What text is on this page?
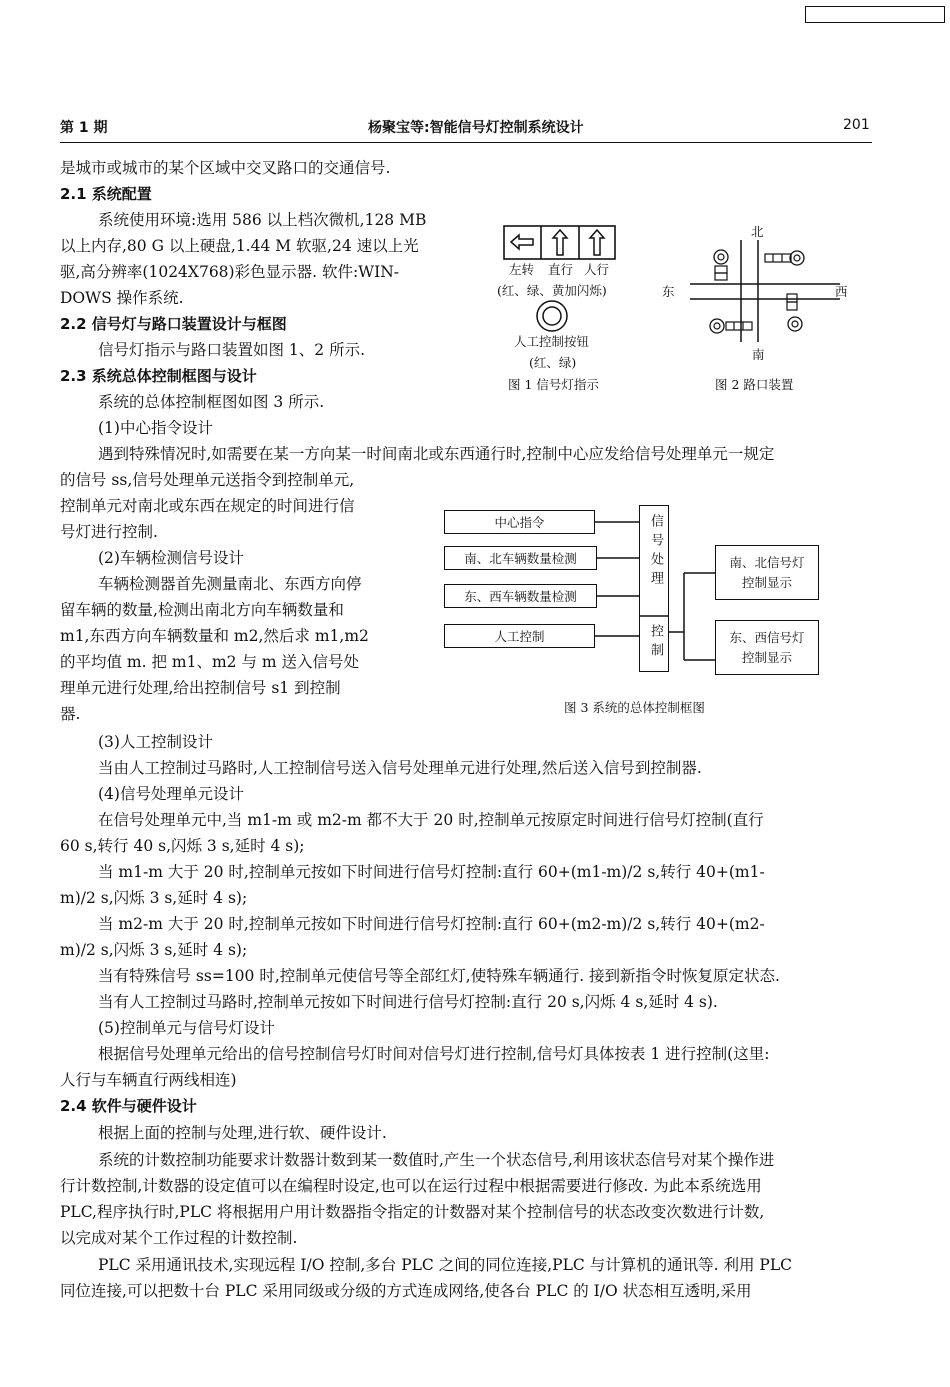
第 1 期	杨聚宝等:智能信号灯控制系统设计	201
是城市或城市的某个区域中交叉路口的交通信号.
2.1 系统配置
系统使用环境:选用 586 以上档次微机,128 MB
以上内存,80 G 以上硬盘,1.44 M 软驱,24 速以上光
驱,高分辨率(1024X768)彩色显示器. 软件:WIN-
DOWS 操作系统.
2.2 信号灯与路口装置设计与框图
信号灯指示与路口装置如图 1、2 所示.
2.3 系统总体控制框图与设计
系统的总体控制框图如图 3 所示.
(1)中心指令设计
遇到特殊情况时,如需要在某一方向某一时间南北或东西通行时,控制中心应发给信号处理单元一规定
的信号 ss,信号处理单元送指令到控制单元,
控制单元对南北或东西在规定的时间进行信
号灯进行控制.
(2)车辆检测信号设计
车辆检测器首先测量南北、东西方向停
留车辆的数量,检测出南北方向车辆数量和
m1,东西方向车辆数量和 m2,然后求 m1,m2
的平均值 m. 把 m1、m2 与 m 送入信号处
理单元进行处理,给出控制信号 s1 到控制
器.
(3)人工控制设计
当由人工控制过马路时,人工控制信号送入信号处理单元进行处理,然后送入信号到控制器.
(4)信号处理单元设计
在信号处理单元中,当 m1-m 或 m2-m 都不大于 20 时,控制单元按原定时间进行信号灯控制(直行
60 s,转行 40 s,闪烁 3 s,延时 4 s);
当 m1-m 大于 20 时,控制单元按如下时间进行信号灯控制:直行 60+(m1-m)/2 s,转行 40+(m1-
m)/2 s,闪烁 3 s,延时 4 s);
当 m2-m 大于 20 时,控制单元按如下时间进行信号灯控制:直行 60+(m2-m)/2 s,转行 40+(m2-
m)/2 s,闪烁 3 s,延时 4 s);
当有特殊信号 ss=100 时,控制单元使信号等全部红灯,使特殊车辆通行. 接到新指令时恢复原定状态.
当有人工控制过马路时,控制单元按如下时间进行信号灯控制:直行 20 s,闪烁 4 s,延时 4 s).
(5)控制单元与信号灯设计
根据信号处理单元给出的信号控制信号灯时间对信号灯进行控制,信号灯具体按表 1 进行控制(这里:
人行与车辆直行两线相连)
2.4 软件与硬件设计
根据上面的控制与处理,进行软、硬件设计.
系统的计数控制功能要求计数器计数到某一数值时,产生一个状态信号,利用该状态信号对某个操作进
行计数控制,计数器的设定值可以在编程时设定,也可以在运行过程中根据需要进行修改. 为此本系统选用
PLC,程序执行时,PLC 将根据用户用计数器指令指定的计数器对某个控制信号的状态改变次数进行计数,
以完成对某个工作过程的计数控制.
PLC 采用通讯技术,实现远程 I/O 控制,多台 PLC 之间的同位连接,PLC 与计算机的通讯等. 利用 PLC
同位连接,可以把数十台 PLC 采用同级或分级的方式连成网络,使各台 PLC 的 I/O 状态相互透明,采用
左转 直行 人行
(红、绿、黄加闪烁)
人工控制按钮
(红、绿)
图 1 信号灯指示
北
东	西
南
图 2 路口装置
中心指令
南、北车辆数量检测
东、西车辆数量检测
人工控制
信号处理
控制
南、北信号灯
控制显示
东、西信号灯
控制显示
图 3 系统的总体控制框图
